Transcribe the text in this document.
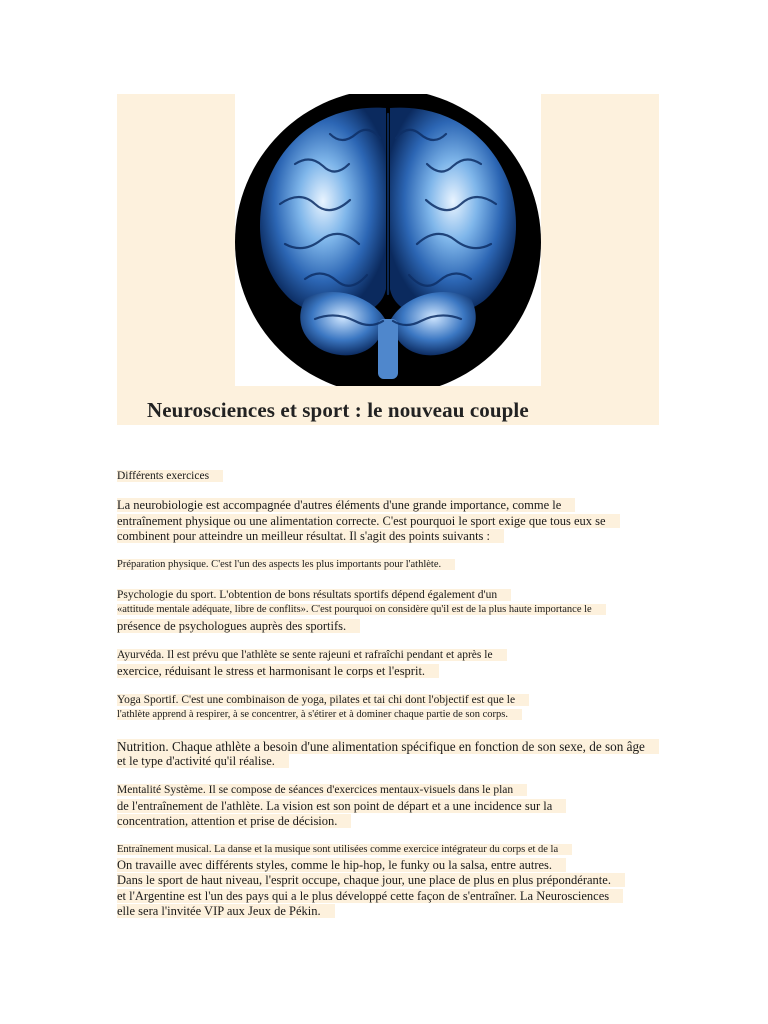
Neurosciences et sport : le nouveau couple
Différents exercices
La neurobiologie est accompagnée d'autres éléments d'une grande importance, comme le
entraînement physique ou une alimentation correcte. C'est pourquoi le sport exige que tous eux se
combinent pour atteindre un meilleur résultat. Il s'agit des points suivants :
Préparation physique. C'est l'un des aspects les plus importants pour l'athlète.
Psychologie du sport. L'obtention de bons résultats sportifs dépend également d'un
«attitude mentale adéquate, libre de conflits». C'est pourquoi on considère qu'il est de la plus haute importance le
présence de psychologues auprès des sportifs.
Ayurvéda. Il est prévu que l'athlète se sente rajeuni et rafraîchi pendant et après le
exercice, réduisant le stress et harmonisant le corps et l'esprit.
Yoga Sportif. C'est une combinaison de yoga, pilates et tai chi dont l'objectif est que le
l'athlète apprend à respirer, à se concentrer, à s'étirer et à dominer chaque partie de son corps.
Nutrition. Chaque athlète a besoin d'une alimentation spécifique en fonction de son sexe, de son âge
et le type d'activité qu'il réalise.
Mentalité Système. Il se compose de séances d'exercices mentaux-visuels dans le plan
de l'entraînement de l'athlète. La vision est son point de départ et a une incidence sur la
concentration, attention et prise de décision.
Entraînement musical. La danse et la musique sont utilisées comme exercice intégrateur du corps et de la
On travaille avec différents styles, comme le hip-hop, le funky ou la salsa, entre autres.
Dans le sport de haut niveau, l'esprit occupe, chaque jour, une place de plus en plus prépondérante.
et l'Argentine est l'un des pays qui a le plus développé cette façon de s'entraîner. La Neurosciences
elle sera l'invitée VIP aux Jeux de Pékin.
